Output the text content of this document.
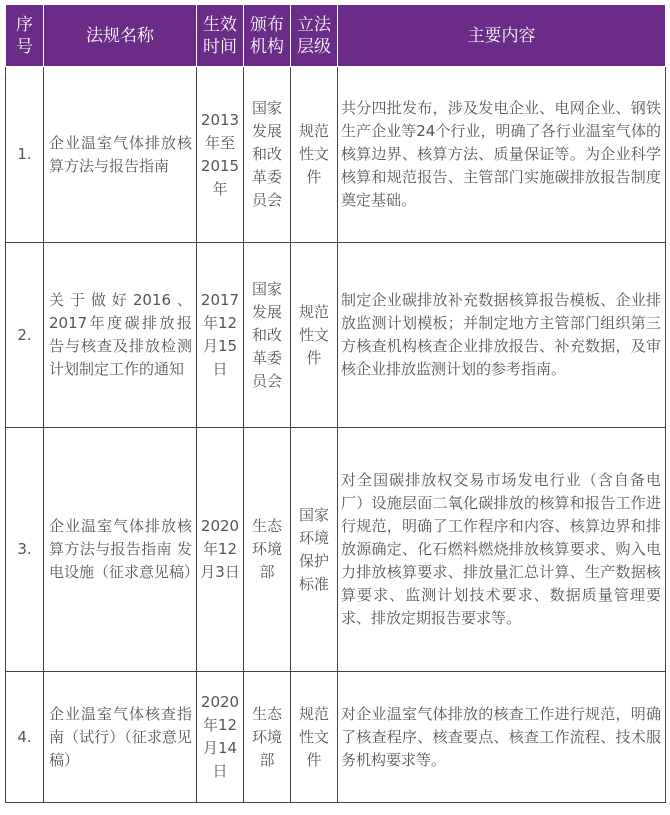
序
号	法规名称	生效
时间	颁布
机构	立法
层级	主要内容
1.	企业温室气体排放核算方法与报告指南	2013
年至
2015
年	国家
发展
和改
革委
员会	规范
性文
件	共分四批发布，涉及发电企业、电网企业、钢铁生产企业等24个行业，明确了各行业温室气体的核算边界、核算方法、质量保证等。为企业科学核算和规范报告、主管部门实施碳排放报告制度奠定基础。
2.	关于做好2016、2017年度碳排放报告与核查及排放检测计划制定工作的通知	2017
年12
月15
日	国家
发展
和改
革委
员会	规范
性文
件	制定企业碳排放补充数据核算报告模板、企业排放监测计划模板；并制定地方主管部门组织第三方核查机构核查企业排放报告、补充数据，及审核企业排放监测计划的参考指南。
3.	企业温室气体排放核算方法与报告指南 发电设施（征求意见稿）	2020
年12
月3日	生态
环境
部	国家
环境
保护
标准	对全国碳排放权交易市场发电行业（含自备电厂）设施层面二氧化碳排放的核算和报告工作进行规范，明确了工作程序和内容、核算边界和排放源确定、化石燃料燃烧排放核算要求、购入电力排放核算要求、排放量汇总计算、生产数据核算要求、监测计划技术要求、数据质量管理要求、排放定期报告要求等。
4.	企业温室气体核查指南（试行）（征求意见稿）	2020
年12
月14
日	生态
环境
部	规范
性文
件	对企业温室气体排放的核查工作进行规范，明确了核查程序、核查要点、核查工作流程、技术服务机构要求等。
